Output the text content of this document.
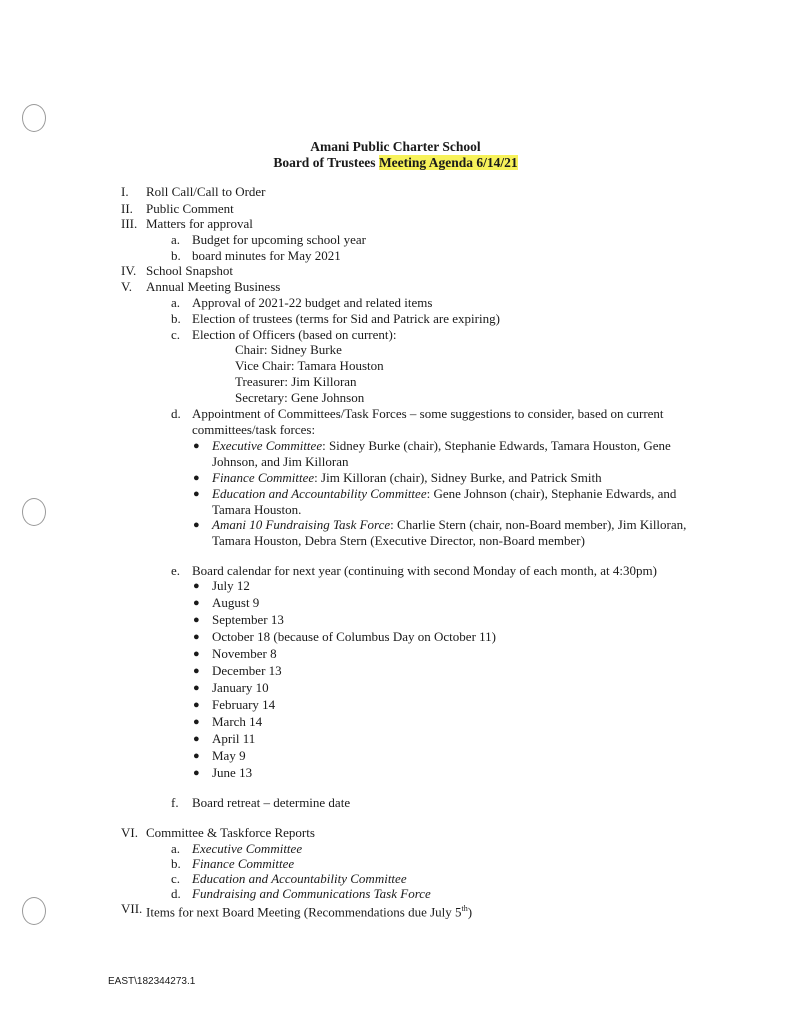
Amani Public Charter School
Board of Trustees Meeting Agenda 6/14/21
I. Roll Call/Call to Order
II. Public Comment
III. Matters for approval
a. Budget for upcoming school year
b. board minutes for May 2021
IV. School Snapshot
V. Annual Meeting Business
a. Approval of 2021-22 budget and related items
b. Election of trustees (terms for Sid and Patrick are expiring)
c. Election of Officers (based on current):
Chair: Sidney Burke
Vice Chair: Tamara Houston
Treasurer: Jim Killoran
Secretary: Gene Johnson
d. Appointment of Committees/Task Forces – some suggestions to consider, based on current
committees/task forces:
● Executive Committee: Sidney Burke (chair), Stephanie Edwards, Tamara Houston, Gene
Johnson, and Jim Killoran
● Finance Committee: Jim Killoran (chair), Sidney Burke, and Patrick Smith
● Education and Accountability Committee: Gene Johnson (chair), Stephanie Edwards, and
Tamara Houston.
● Amani 10 Fundraising Task Force: Charlie Stern (chair, non-Board member), Jim Killoran,
Tamara Houston, Debra Stern (Executive Director, non-Board member)
e. Board calendar for next year (continuing with second Monday of each month, at 4:30pm)
● July 12
● August 9
● September 13
● October 18 (because of Columbus Day on October 11)
● November 8
● December 13
● January 10
● February 14
● March 14
● April 11
● May 9
● June 13
f. Board retreat – determine date
VI. Committee & Taskforce Reports
a. Executive Committee
b. Finance Committee
c. Education and Accountability Committee
d. Fundraising and Communications Task Force
VII. Items for next Board Meeting (Recommendations due July 5th)
EAST\182344273.1
